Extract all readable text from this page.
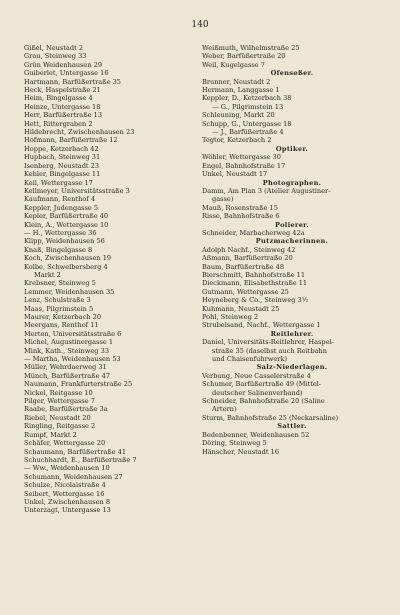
140
Gißel, Neustadt 2
Grau, Steinweg 33
Grün Weidenhausen 29
Guiberlet, Untergasse 16
Hartmann, Barfüßertraße 35
Heck, Haspelstraße 21
Heim, Bingelgasse 4
Heinze, Untergasse 18
Herr, Barfüßertraße 13
Hett, Rittergraben 2
Hildebrecht, Zwischenhausen 23
Hofmann, Barfüßertraße 12
Hoppe, Ketzerbach 42
Hupbach, Steinweg 31
Isenberg, Neustadt 23
Kehler, Bingelgasse 11
Keil, Wettergasse 17
Kellmeyer, Universitätsstraße 3
Kaufmann, Renthof 4
Keppler, Judengasse 5
Kepler, Barfüßertraße 40
Klein, A., Wettergasse 10
— H., Wettergasse 36
Klipp, Weidenhausen 56
Knaß, Bingelgasse 8
Koch, Zwischenhausen 19
Kolbe, Schwelbersberg 4
Markt 2
Krebsner, Steinweg 5
Lemmer, Weidenhausen 35
Lenz, Schulstraße 3
Maas, Pilgrimstein 5
Maurer, Ketzerbach 20
Meergans, Renthof 11
Merten, Universitätsstraße 6
Michel, Augustinergasse 1
Mink, Kath., Steinweg 33
— Martha, Weidenhausen 53
Müller, Wehrdaerweg 31
Münch, Barfüßertraße 47
Naumann, Frankfurterstraße 25
Nickel, Reitgasse 10
Pilger, Wettergasse 7
Raabe, Barfüßertraße 3a
Riebel, Neustadt 20
Ringling, Reitgasse 2
Rumpf, Markt 2
Schäfer, Wettergasse 20
Schaumann, Barfüßertraße 41
Schuchhardt, E., Barfüßertraße 7
— Ww., Weidenhausen 10
Schumann, Weidenhausen 27
Schulze, Nicolaistraße 4
Seibert, Wettergasse 16
Unkel, Zwischenhausen 8
Unterzagt, Untergasse 13
Weißmuth, Wilhelmstraße 25
Weber, Barfüßertraße 20
Weil, Kugelgasse 7
Ofenseßer.
Brunner, Neustadt 2
Hermann, Langgasse 1
Keppler, D., Ketzerbach 38
— G., Pilgrimstein 13
Schleuning, Markt 20
Schupp, G., Untergasse 18
— J., Barfüßertraße 4
Tegtor, Ketzerbach 2
Optiker.
Wöhler, Wettergasse 30
Engel, Bahnhofstraße 17
Unkel, Neustadt 17
Photographen.
Damm, Am Plan 3 (Atelier Augustiner-
gasse)
Mauß, Rosenstraße 15
Risse, Bahnhofstraße 6
Polierer.
Schneider, Marbacherweg 42a
Putzmacherinnen.
Adolph Nachf., Steinweg 42
Aßmann, Barfüßertraße 20
Baum, Barfüßertraße 48
Bierschmitt, Bahnhofstraße 11
Dieckmann, Elisabethstraße 11
Gutmann, Wettergasse 25
Heyneberg & Co., Steinweg 3½
Kuhmann, Neustadt 25
Pohl, Steinweg 2
Strubelsand, Nachf., Wettergasse 1
Reitlehrer.
Daniel, Universitäts-Reitlehrer, Haspel-
straße 35 (daselbst auch Reitbahn
und Chaisenfuhrwerk)
Salz-Niederlagen.
Verbung, Neue Casselerstraße 4
Schumer, Barfüßertraße 49 (Mittel-
deutscher Salinenverband)
Schneider, Bahnhofstraße 20 (Saline
Artern)
Sturm, Bahnhofstraße 25 (Neckarsaline)
Sattler.
Bedenbenner, Weidenhausen 52
Döring, Steinweg 5
Hänscher, Neustadt 16
